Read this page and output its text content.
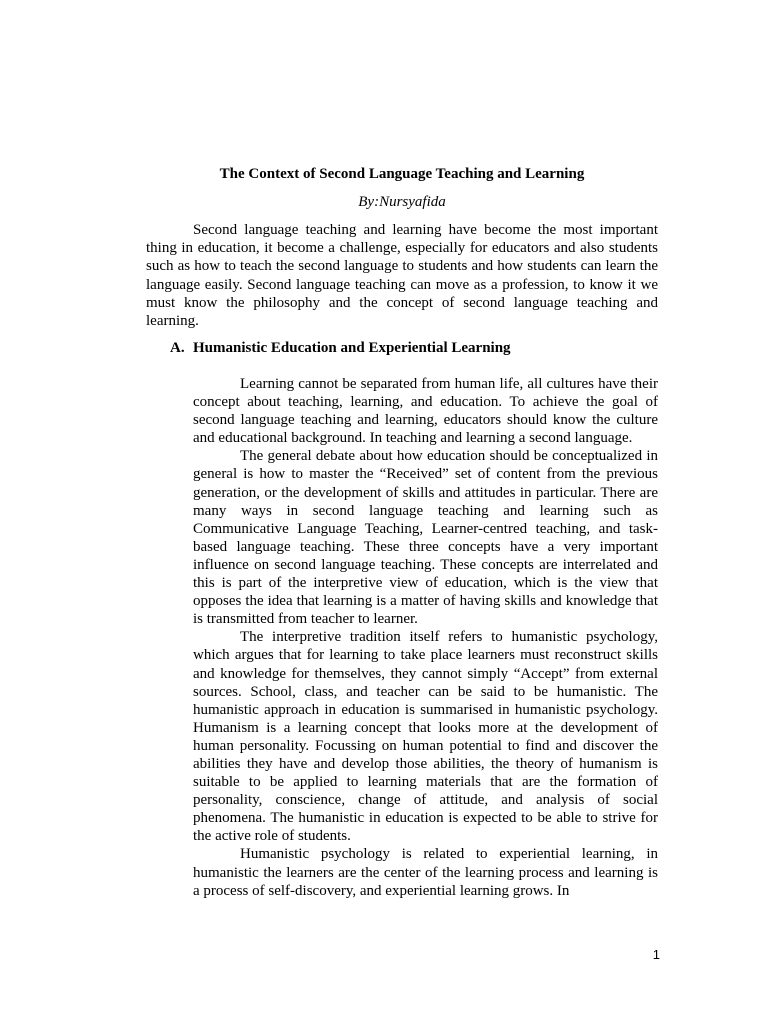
The Context of Second Language Teaching and Learning

By:Nursyafida

Second language teaching and learning have become the most important thing in education, it become a challenge, especially for educators and also students such as how to teach the second language to students and how students can learn the language easily. Second language teaching can move as a profession, to know it we must know the philosophy and the concept of second language teaching and learning.

A. Humanistic Education and Experiential Learning

Learning cannot be separated from human life, all cultures have their concept about teaching, learning, and education. To achieve the goal of second language teaching and learning, educators should know the culture and educational background. In teaching and learning a second language.

The general debate about how education should be conceptualized in general is how to master the “Received” set of content from the previous generation, or the development of skills and attitudes in particular. There are many ways in second language teaching and learning such as Communicative Language Teaching, Learner-centred teaching, and task-based language teaching. These three concepts have a very important influence on second language teaching. These concepts are interrelated and this is part of the interpretive view of education, which is the view that opposes the idea that learning is a matter of having skills and knowledge that is transmitted from teacher to learner.

The interpretive tradition itself refers to humanistic psychology, which argues that for learning to take place learners must reconstruct skills and knowledge for themselves, they cannot simply “Accept” from external sources. School, class, and teacher can be said to be humanistic. The humanistic approach in education is summarised in humanistic psychology. Humanism is a learning concept that looks more at the development of human personality. Focussing on human potential to find and discover the abilities they have and develop those abilities, the theory of humanism is suitable to be applied to learning materials that are the formation of personality, conscience, change of attitude, and analysis of social phenomena. The humanistic in education is expected to be able to strive for the active role of students.

Humanistic psychology is related to experiential learning, in humanistic the learners are the center of the learning process and learning is a process of self-discovery, and experiential learning grows. In

1
